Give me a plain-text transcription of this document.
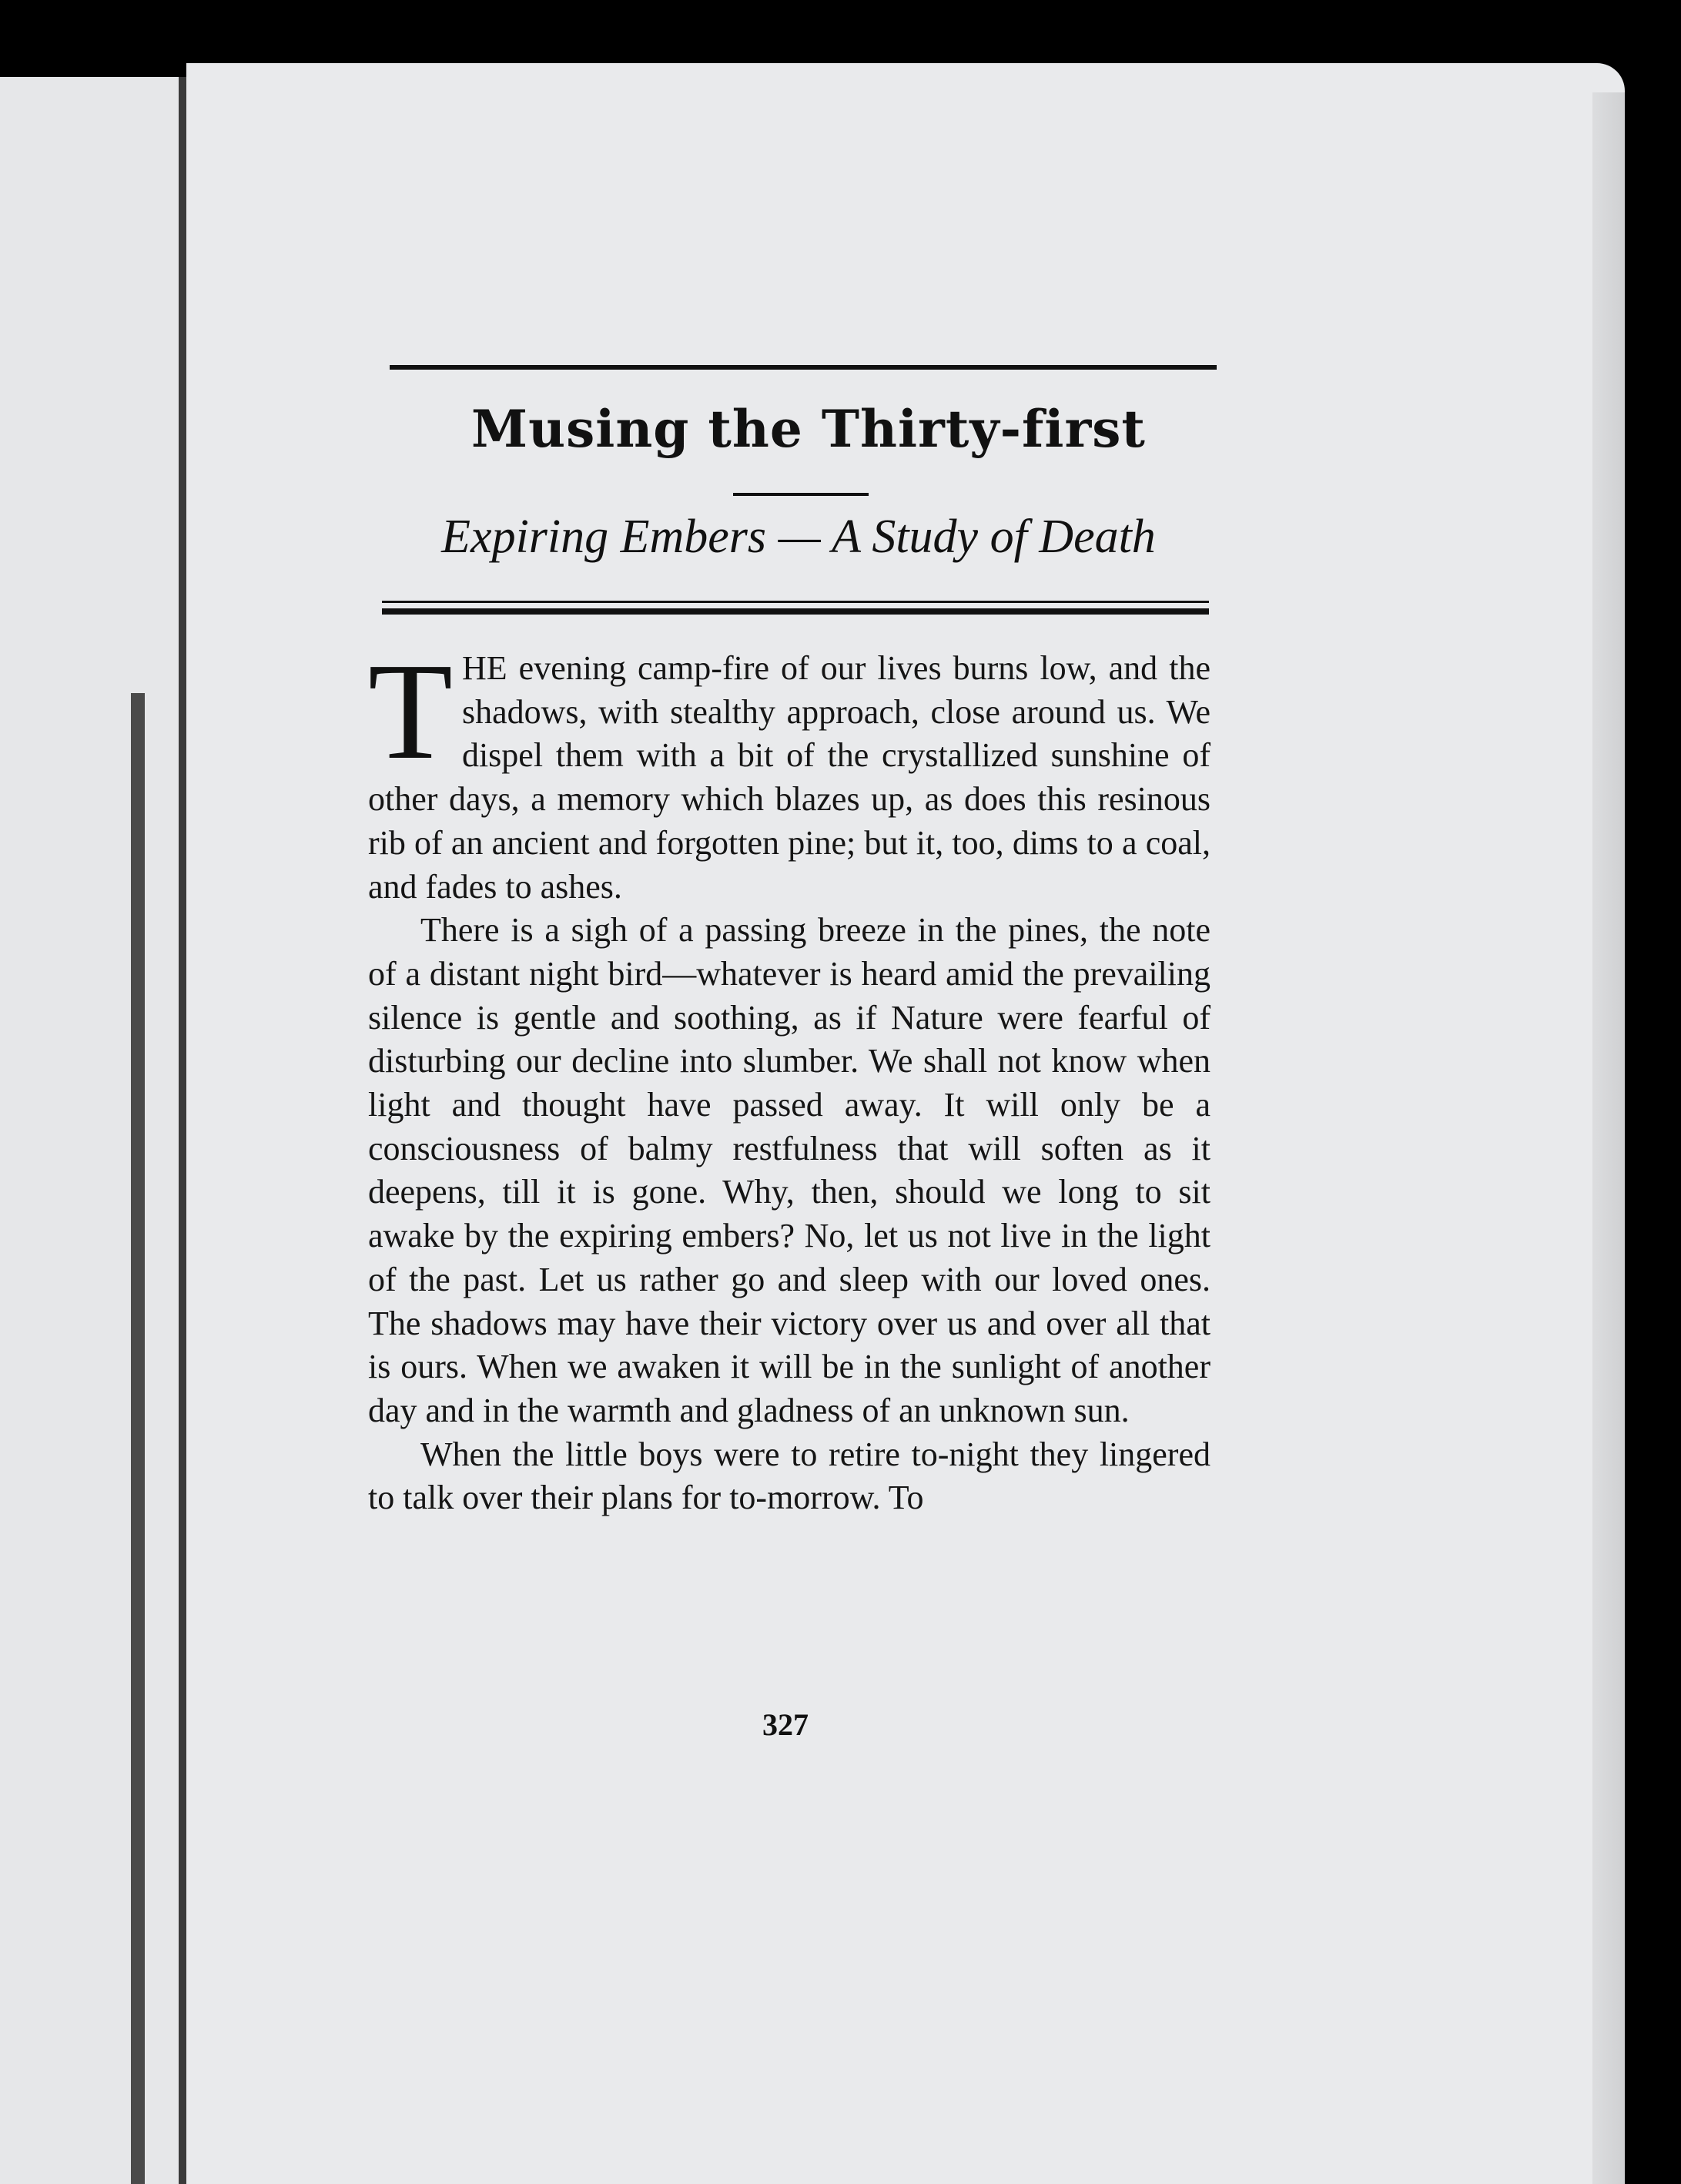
Musing the Thirty-first
Expiring Embers — A Study of Death

THE evening camp-fire of our lives burns low, and the shadows, with stealthy approach, close around us. We dispel them with a bit of the crystallized sunshine of other days, a memory which blazes up, as does this resinous rib of an ancient and forgotten pine; but it, too, dims to a coal, and fades to ashes.

There is a sigh of a passing breeze in the pines, the note of a distant night bird—whatever is heard amid the prevailing silence is gentle and soothing, as if Nature were fearful of disturbing our decline into slumber. We shall not know when light and thought have passed away. It will only be a consciousness of balmy restfulness that will soften as it deepens, till it is gone. Why, then, should we long to sit awake by the expiring embers? No, let us not live in the light of the past. Let us rather go and sleep with our loved ones. The shadows may have their victory over us and over all that is ours. When we awaken it will be in the sunlight of another day and in the warmth and gladness of an unknown sun.

When the little boys were to retire to-night they lingered to talk over their plans for to-morrow. To

327
